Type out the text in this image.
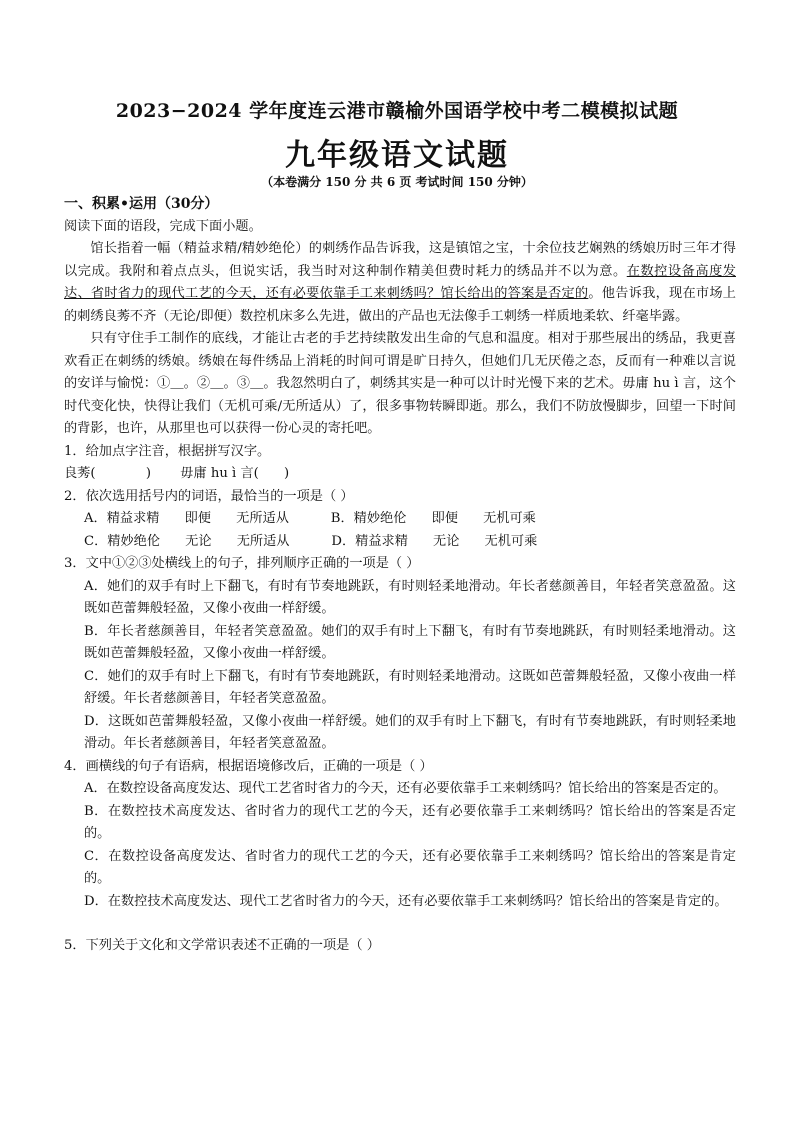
2023−2024 学年度连云港市赣榆外国语学校中考二模模拟试题
九年级语文试题
（本卷满分 150 分 共 6 页 考试时间 150 分钟）

一、积累•运用（30分）

阅读下面的语段，完成下面小题。

馆长指着一幅（精益求精/精妙绝伦）的刺绣作品告诉我，这是镇馆之宝，十余位技艺娴熟的绣娘历时三年才得以完成。我附和着点点头，但说实话，我当时对这种制作精美但费时耗力的绣品并不以为意。在数控设备高度发达、省时省力的现代工艺的今天，还有必要依靠手工来刺绣吗？馆长给出的答案是否定的。他告诉我，现在市场上的刺绣良莠不齐（无论/即便）数控机床多么先进，做出的产品也无法像手工刺绣一样质地柔软、纤毫毕露。

只有守住手工制作的底线，才能让古老的手艺持续散发出生命的气息和温度。相对于那些展出的绣品，我更喜欢看正在刺绣的绣娘。绣娘在每件绣品上消耗的时间可谓是旷日持久，但她们几无厌倦之态，反而有一种难以言说的安详与愉悦：①＿。②＿。③＿。我忽然明白了，刺绣其实是一种可以计时光慢下来的艺术。毋庸 hu ì 言，这个时代变化快，快得让我们（无机可乘/无所适从）了，很多事物转瞬即逝。那么，我们不防放慢脚步，回望一下时间的背影，也许，从那里也可以获得一份心灵的寄托吧。

1．给加点字注音，根据拼写汉字。

良莠(            )       毋庸 hu ì 言(      )

2．依次选用括号内的词语，最恰当的一项是（ ）

A．精益求精      即便      无所适从          B．精妙绝伦      即便      无机可乘

C．精妙绝伦      无论      无所适从          D．精益求精      无论      无机可乘

3．文中①②③处横线上的句子，排列顺序正确的一项是（ ）

A．她们的双手有时上下翻飞，有时有节奏地跳跃，有时则轻柔地滑动。年长者慈颜善目，年轻者笑意盈盈。这既如芭蕾舞般轻盈，又像小夜曲一样舒缓。

B．年长者慈颜善目，年轻者笑意盈盈。她们的双手有时上下翻飞，有时有节奏地跳跃，有时则轻柔地滑动。这既如芭蕾舞般轻盈，又像小夜曲一样舒缓。

C．她们的双手有时上下翻飞，有时有节奏地跳跃，有时则轻柔地滑动。这既如芭蕾舞般轻盈，又像小夜曲一样舒缓。年长者慈颜善目，年轻者笑意盈盈。

D．这既如芭蕾舞般轻盈，又像小夜曲一样舒缓。她们的双手有时上下翻飞，有时有节奏地跳跃，有时则轻柔地滑动。年长者慈颜善目，年轻者笑意盈盈。

4．画横线的句子有语病，根据语境修改后，正确的一项是（ ）

A．在数控设备高度发达、现代工艺省时省力的今天，还有必要依靠手工来刺绣吗？馆长给出的答案是否定的。

B．在数控技术高度发达、省时省力的现代工艺的今天，还有必要依靠手工来刺绣吗？馆长给出的答案是否定的。

C．在数控设备高度发达、省时省力的现代工艺的今天，还有必要依靠手工来刺绣吗？馆长给出的答案是肯定的。

D．在数控技术高度发达、现代工艺省时省力的今天，还有必要依靠手工来刺绣吗？馆长给出的答案是肯定的。

5．下列关于文化和文学常识表述不正确的一项是（ ）
